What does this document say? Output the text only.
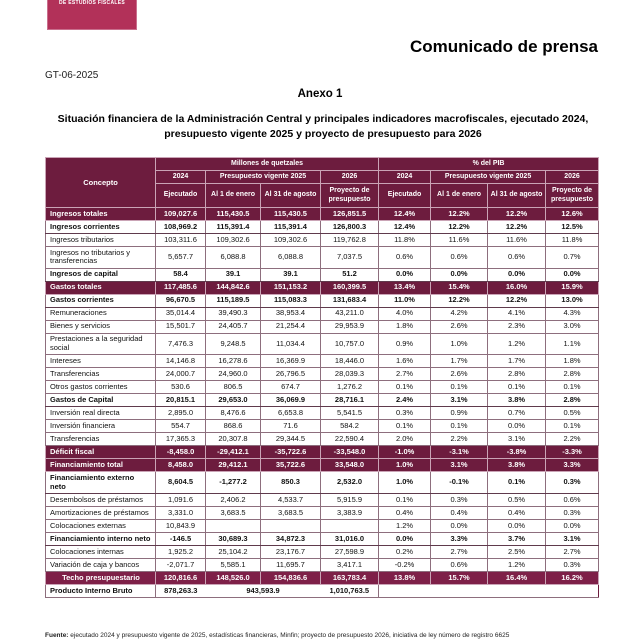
DE ESTUDIOS FISCALES
Comunicado de prensa
GT-06-2025
Anexo 1
Situación financiera de la Administración Central y principales indicadores macrofiscales, ejecutado 2024, presupuesto vigente 2025 y proyecto de presupuesto para 2026
Concepto	Millones de quetzales				% del PIB			
	2024	Presupuesto vigente 2025		2026	2024	Presupuesto vigente 2025		2026
	Ejecutado	Al 1 de enero	Al 31 de agosto	Proyecto de presupuesto	Ejecutado	Al 1 de enero	Al 31 de agosto	Proyecto de presupuesto
Ingresos totales	109,027.6	115,430.5	115,430.5	126,851.5	12.4%	12.2%	12.2%	12.6%
Ingresos corrientes	108,969.2	115,391.4	115,391.4	126,800.3	12.4%	12.2%	12.2%	12.5%
Ingresos tributarios	103,311.6	109,302.6	109,302.6	119,762.8	11.8%	11.6%	11.6%	11.8%
Ingresos no tributarios y transferencias	5,657.7	6,088.8	6,088.8	7,037.5	0.6%	0.6%	0.6%	0.7%
Ingresos de capital	58.4	39.1	39.1	51.2	0.0%	0.0%	0.0%	0.0%
Gastos totales	117,485.6	144,842.6	151,153.2	160,399.5	13.4%	15.4%	16.0%	15.9%
Gastos corrientes	96,670.5	115,189.5	115,083.3	131,683.4	11.0%	12.2%	12.2%	13.0%
Remuneraciones	35,014.4	39,490.3	38,953.4	43,211.0	4.0%	4.2%	4.1%	4.3%
Bienes y servicios	15,501.7	24,405.7	21,254.4	29,953.9	1.8%	2.6%	2.3%	3.0%
Prestaciones a la seguridad social	7,476.3	9,248.5	11,034.4	10,757.0	0.9%	1.0%	1.2%	1.1%
Intereses	14,146.8	16,278.6	16,369.9	18,446.0	1.6%	1.7%	1.7%	1.8%
Transferencias	24,000.7	24,960.0	26,796.5	28,039.3	2.7%	2.6%	2.8%	2.8%
Otros gastos corrientes	530.6	806.5	674.7	1,276.2	0.1%	0.1%	0.1%	0.1%
Gastos de Capital	20,815.1	29,653.0	36,069.9	28,716.1	2.4%	3.1%	3.8%	2.8%
Inversión real directa	2,895.0	8,476.6	6,653.8	5,541.5	0.3%	0.9%	0.7%	0.5%
Inversión financiera	554.7	868.6	71.6	584.2	0.1%	0.1%	0.0%	0.1%
Transferencias	17,365.3	20,307.8	29,344.5	22,590.4	2.0%	2.2%	3.1%	2.2%
Déficit fiscal	-8,458.0	-29,412.1	-35,722.6	-33,548.0	-1.0%	-3.1%	-3.8%	-3.3%
Financiamiento total	8,458.0	29,412.1	35,722.6	33,548.0	1.0%	3.1%	3.8%	3.3%
Financiamiento externo neto	8,604.5	-1,277.2	850.3	2,532.0	1.0%	-0.1%	0.1%	0.3%
Desembolsos de préstamos	1,091.6	2,406.2	4,533.7	5,915.9	0.1%	0.3%	0.5%	0.6%
Amortizaciones de préstamos	3,331.0	3,683.5	3,683.5	3,383.9	0.4%	0.4%	0.4%	0.3%
Colocaciones externas	10,843.9				1.2%	0.0%	0.0%	0.0%
Financiamiento interno neto	-146.5	30,689.3	34,872.3	31,016.0	0.0%	3.3%	3.7%	3.1%
Colocaciones internas	1,925.2	25,104.2	23,176.7	27,598.9	0.2%	2.7%	2.5%	2.7%
Variación de caja y bancos	-2,071.7	5,585.1	11,695.7	3,417.1	-0.2%	0.6%	1.2%	0.3%
Techo presupuestario	120,816.6	148,526.0	154,836.6	163,783.4	13.8%	15.7%	16.4%	16.2%
Producto Interno Bruto	878,263.3	943,593.9		1,010,763.5				
Fuente: ejecutado 2024 y presupuesto vigente de 2025, estadísticas financieras, Minfin; proyecto de presupuesto 2026, iniciativa de ley número de registro 6625
